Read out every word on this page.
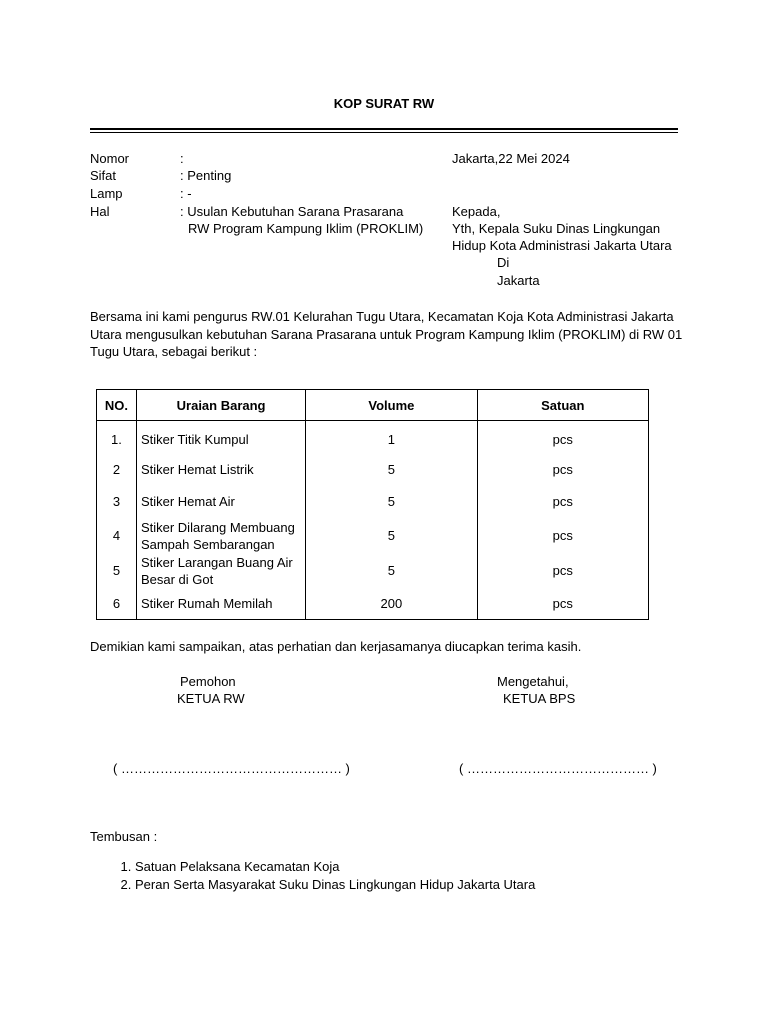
KOP SURAT RW
Nomor	:
Sifat	: Penting
Lamp	: -
Hal	: Usulan Kebutuhan Sarana Prasarana
RW Program Kampung Iklim (PROKLIM)
Jakarta,22 Mei 2024
Kepada,
Yth, Kepala Suku Dinas Lingkungan
Hidup Kota Administrasi Jakarta Utara
Di
Jakarta
Bersama ini kami pengurus RW.01 Kelurahan Tugu Utara, Kecamatan Koja Kota Administrasi Jakarta Utara mengusulkan kebutuhan Sarana Prasarana untuk Program Kampung Iklim (PROKLIM) di RW 01 Tugu Utara, sebagai berikut :
NO.	Uraian Barang	Volume	Satuan
1.	Stiker Titik Kumpul	1	pcs
2	Stiker Hemat Listrik	5	pcs
3	Stiker Hemat Air	5	pcs
4	Stiker Dilarang Membuang
Sampah Sembarangan	5	pcs
5	Stiker Larangan Buang Air
Besar di Got	5	pcs
6	Stiker Rumah Memilah	200	pcs
Demikian kami sampaikan, atas perhatian dan kerjasamanya diucapkan terima kasih.
Pemohon
KETUA RW
( …………………………………………… )
Mengetahui,
KETUA BPS
( …………………………………… )
Tembusan :
1. Satuan Pelaksana Kecamatan Koja
2. Peran Serta Masyarakat Suku Dinas Lingkungan Hidup Jakarta Utara
